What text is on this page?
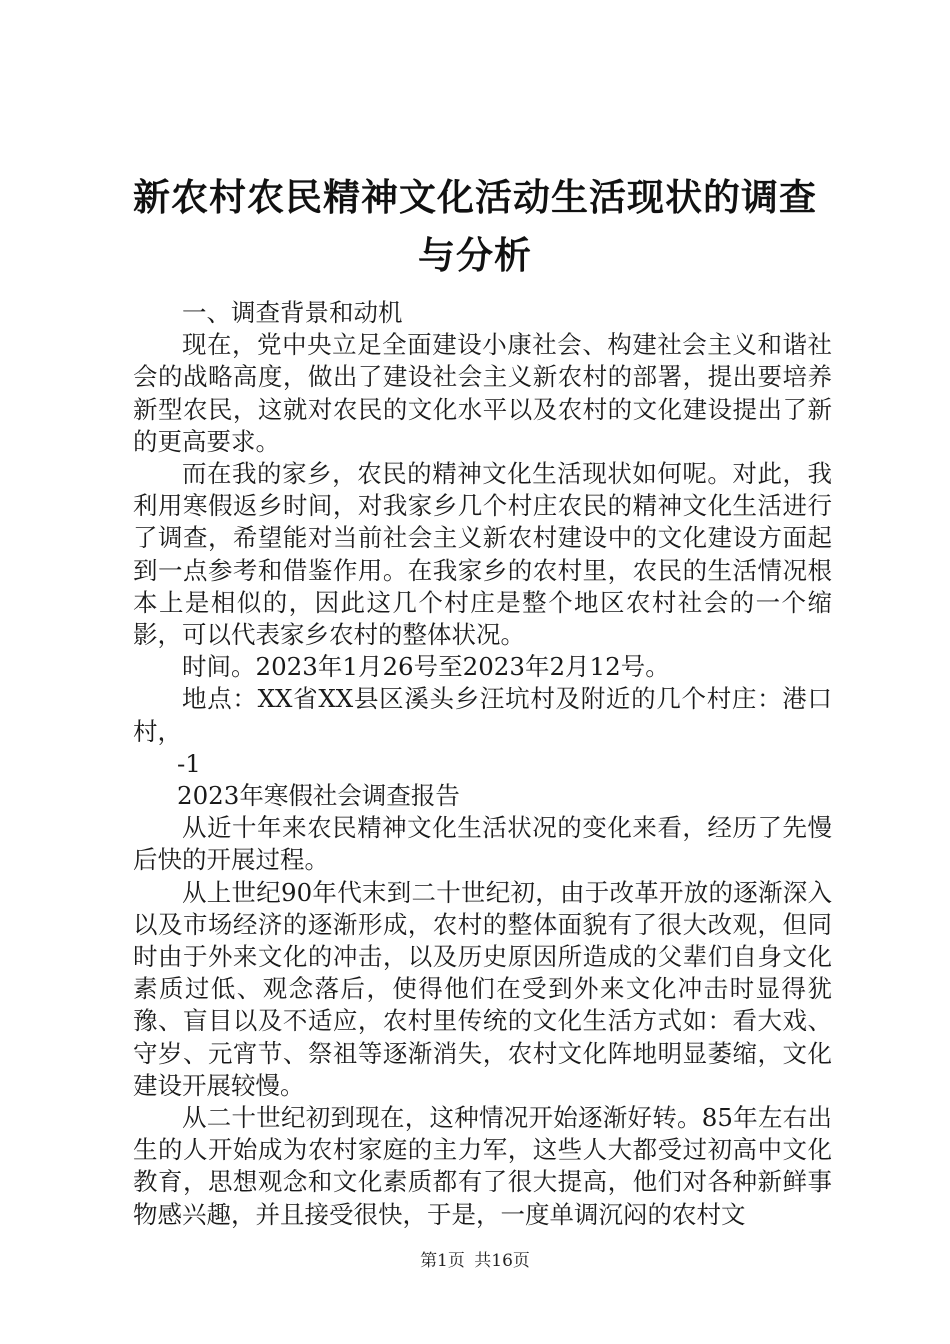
新农村农民精神文化活动生活现状的调查与分析

一、调查背景和动机

现在，党中央立足全面建设小康社会、构建社会主义和谐社会的战略高度，做出了建设社会主义新农村的部署，提出要培养新型农民，这就对农民的文化水平以及农村的文化建设提出了新的更高要求。

而在我的家乡，农民的精神文化生活现状如何呢。对此，我利用寒假返乡时间，对我家乡几个村庄农民的精神文化生活进行了调查，希望能对当前社会主义新农村建设中的文化建设方面起到一点参考和借鉴作用。在我家乡的农村里，农民的生活情况根本上是相似的，因此这几个村庄是整个地区农村社会的一个缩影，可以代表家乡农村的整体状况。

时间。2023年1月26号至2023年2月12号。

地点：XX省XX县区溪头乡汪坑村及附近的几个村庄：港口村，

-1

2023年寒假社会调查报告

从近十年来农民精神文化生活状况的变化来看，经历了先慢后快的开展过程。

从上世纪90年代末到二十世纪初，由于改革开放的逐渐深入以及市场经济的逐渐形成，农村的整体面貌有了很大改观，但同时由于外来文化的冲击，以及历史原因所造成的父辈们自身文化素质过低、观念落后，使得他们在受到外来文化冲击时显得犹豫、盲目以及不适应，农村里传统的文化生活方式如：看大戏、守岁、元宵节、祭祖等逐渐消失，农村文化阵地明显萎缩，文化建设开展较慢。

从二十世纪初到现在，这种情况开始逐渐好转。85年左右出生的人开始成为农村家庭的主力军，这些人大都受过初高中文化教育，思想观念和文化素质都有了很大提高，他们对各种新鲜事物感兴趣，并且接受很快，于是，一度单调沉闷的农村文

第1页 共16页
